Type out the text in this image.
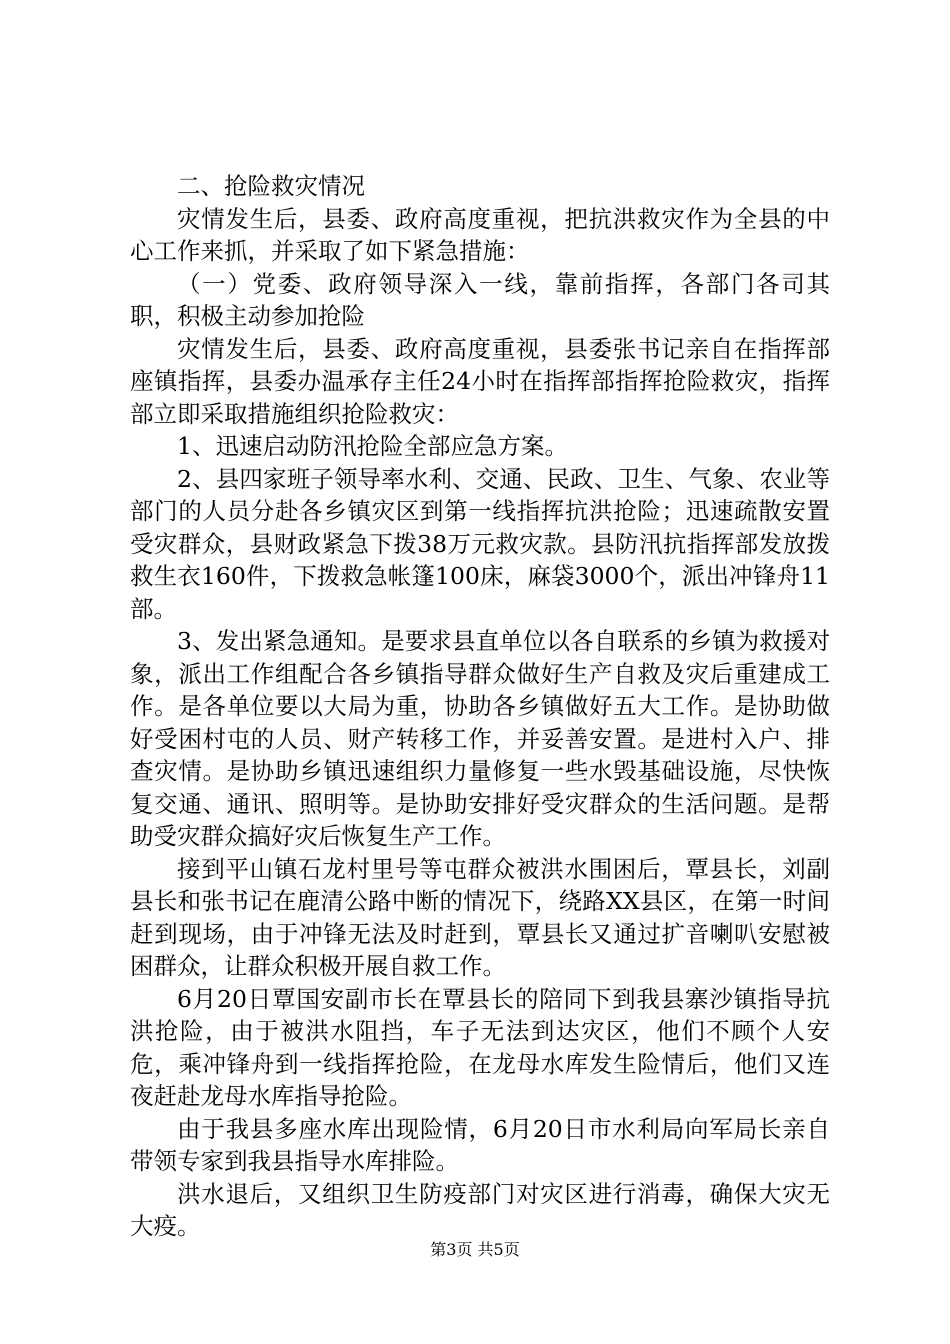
二、抢险救灾情况

灾情发生后，县委、政府高度重视，把抗洪救灾作为全县的中心工作来抓，并采取了如下紧急措施：

（一）党委、政府领导深入一线，靠前指挥，各部门各司其职，积极主动参加抢险

灾情发生后，县委、政府高度重视，县委张书记亲自在指挥部座镇指挥，县委办温承存主任24小时在指挥部指挥抢险救灾，指挥部立即采取措施组织抢险救灾：

1、迅速启动防汛抢险全部应急方案。

2、县四家班子领导率水利、交通、民政、卫生、气象、农业等部门的人员分赴各乡镇灾区到第一线指挥抗洪抢险；迅速疏散安置受灾群众，县财政紧急下拨38万元救灾款。县防汛抗指挥部发放拨救生衣160件，下拨救急帐篷100床，麻袋3000个，派出冲锋舟11部。

3、发出紧急通知。是要求县直单位以各自联系的乡镇为救援对象，派出工作组配合各乡镇指导群众做好生产自救及灾后重建成工作。是各单位要以大局为重，协助各乡镇做好五大工作。是协助做好受困村屯的人员、财产转移工作，并妥善安置。是进村入户、排查灾情。是协助乡镇迅速组织力量修复一些水毁基础设施，尽快恢复交通、通讯、照明等。是协助安排好受灾群众的生活问题。是帮助受灾群众搞好灾后恢复生产工作。

接到平山镇石龙村里号等屯群众被洪水围困后，覃县长，刘副县长和张书记在鹿清公路中断的情况下，绕路XX县区，在第一时间赶到现场，由于冲锋无法及时赶到，覃县长又通过扩音喇叭安慰被困群众，让群众积极开展自救工作。

6月20日覃国安副市长在覃县长的陪同下到我县寨沙镇指导抗洪抢险，由于被洪水阻挡，车子无法到达灾区，他们不顾个人安危，乘冲锋舟到一线指挥抢险，在龙母水库发生险情后，他们又连夜赶赴龙母水库指导抢险。

由于我县多座水库出现险情，6月20日市水利局向军局长亲自带领专家到我县指导水库排险。

洪水退后，又组织卫生防疫部门对灾区进行消毒，确保大灾无大疫。

第3页 共5页
